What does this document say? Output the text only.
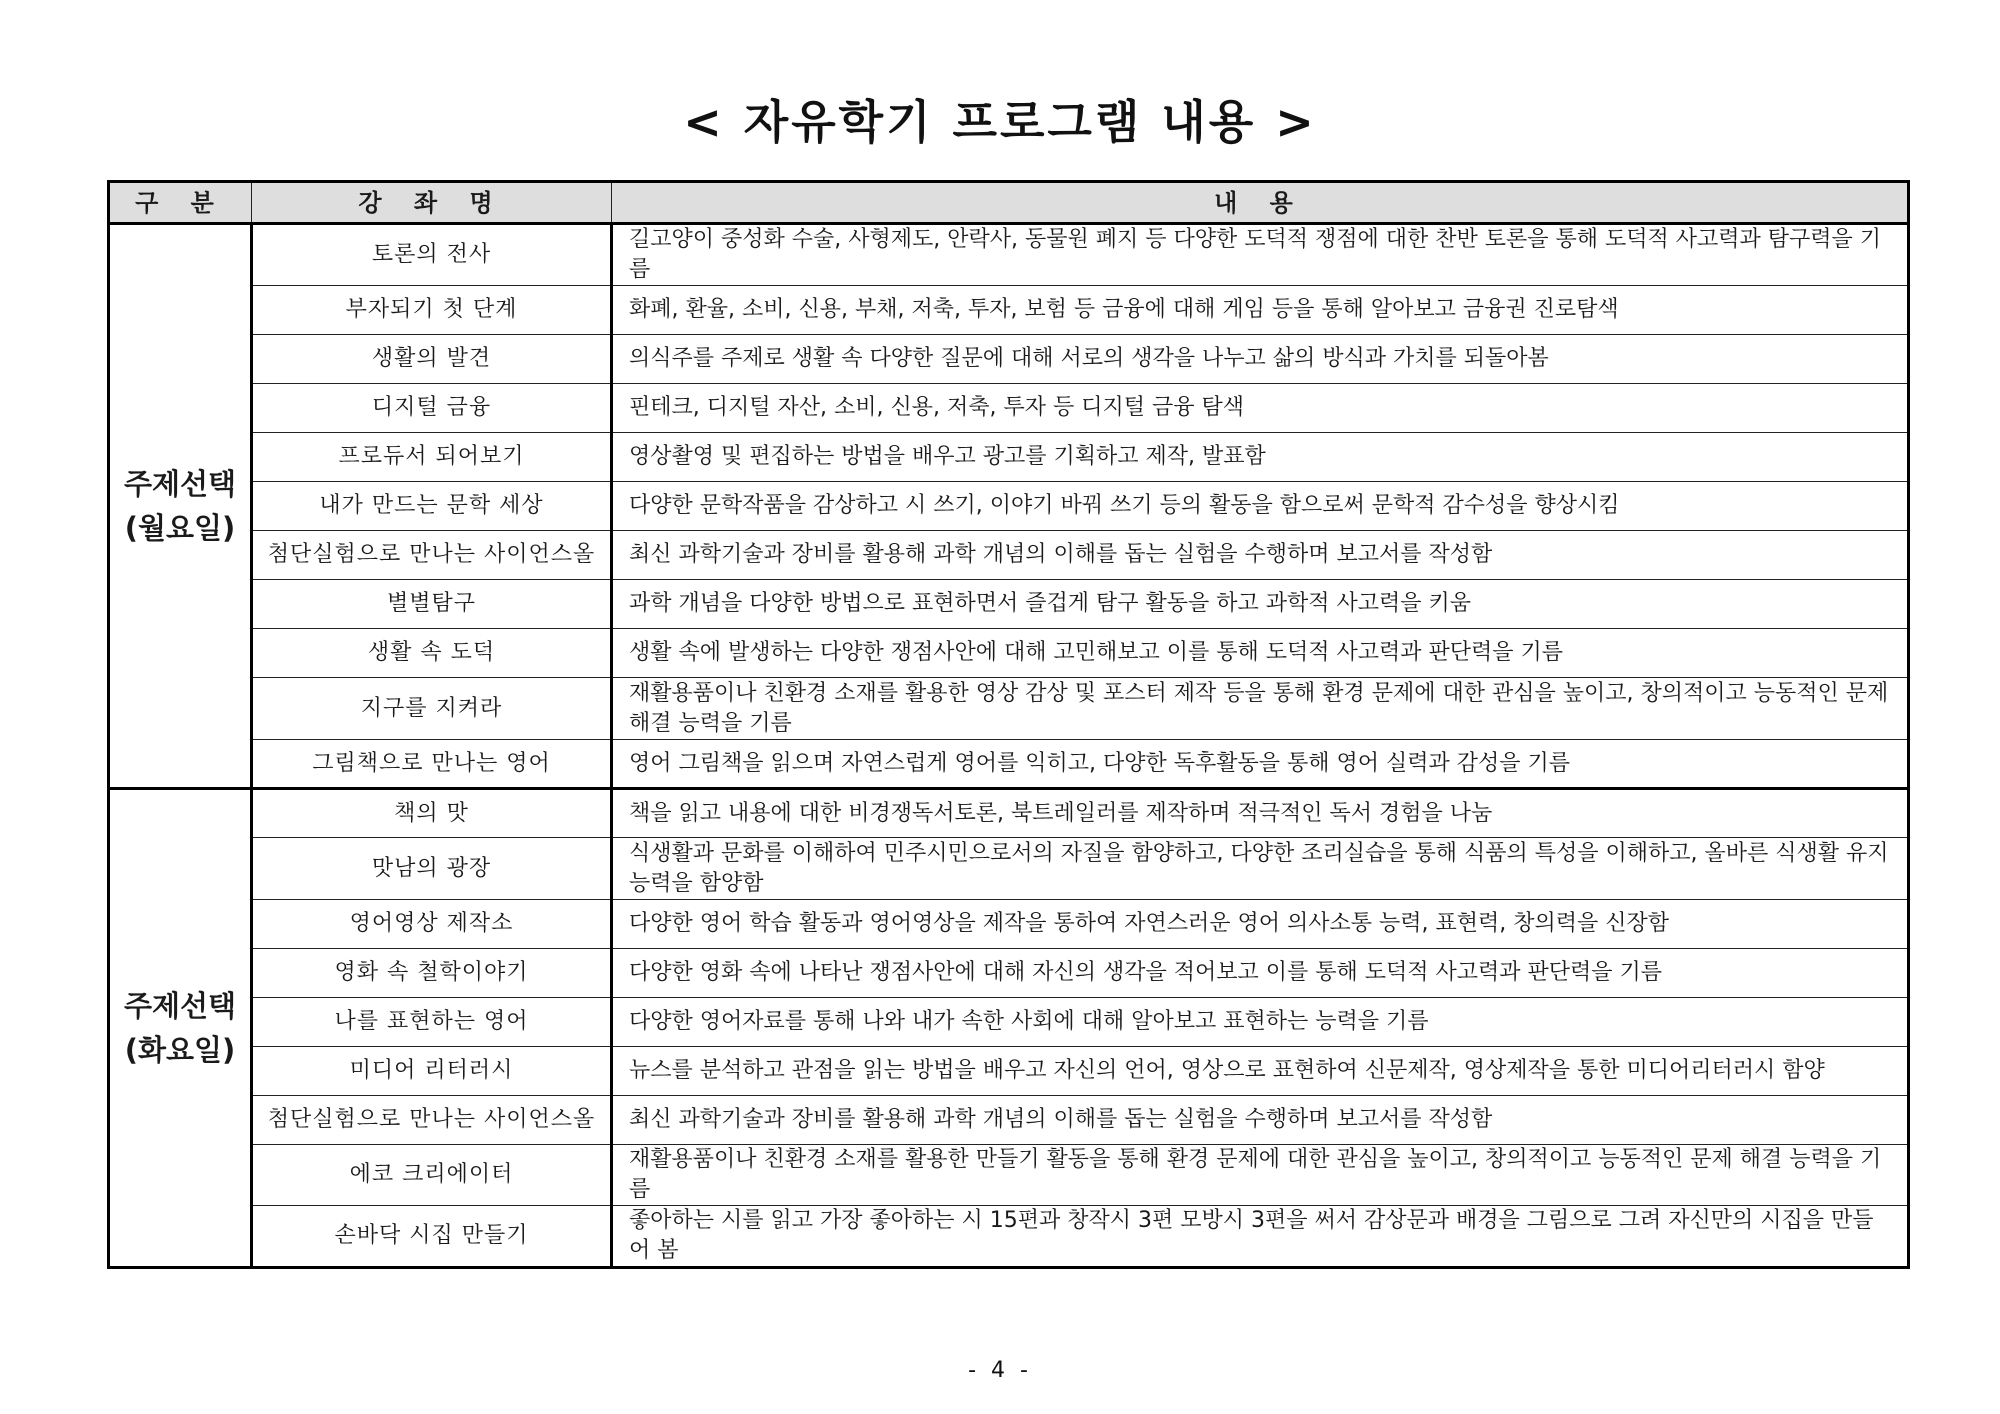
< 자유학기 프로그램 내용 >
구 분	강 좌 명	내 용
주제선택
(월요일)	토론의 전사	길고양이 중성화 수술, 사형제도, 안락사, 동물원 폐지 등 다양한 도덕적 쟁점에 대한 찬반 토론을 통해 도덕적 사고력과 탐구력을 기름
	부자되기 첫 단계	화폐, 환율, 소비, 신용, 부채, 저축, 투자, 보험 등 금융에 대해 게임 등을 통해 알아보고 금융권 진로탐색
	생활의 발견	의식주를 주제로 생활 속 다양한 질문에 대해 서로의 생각을 나누고 삶의 방식과 가치를 되돌아봄
	디지털 금융	핀테크, 디지털 자산, 소비, 신용, 저축, 투자 등 디지털 금융 탐색
	프로듀서 되어보기	영상촬영 및 편집하는 방법을 배우고 광고를 기획하고 제작, 발표함
	내가 만드는 문학 세상	다양한 문학작품을 감상하고 시 쓰기, 이야기 바꿔 쓰기 등의 활동을 함으로써 문학적 감수성을 향상시킴
	첨단실험으로 만나는 사이언스올	최신 과학기술과 장비를 활용해 과학 개념의 이해를 돕는 실험을 수행하며 보고서를 작성함
	별별탐구	과학 개념을 다양한 방법으로 표현하면서 즐겁게 탐구 활동을 하고 과학적 사고력을 키움
	생활 속 도덕	생활 속에 발생하는 다양한 쟁점사안에 대해 고민해보고 이를 통해 도덕적 사고력과 판단력을 기름
	지구를 지켜라	재활용품이나 친환경 소재를 활용한 영상 감상 및 포스터 제작 등을 통해 환경 문제에 대한 관심을 높이고, 창의적이고 능동적인 문제 해결 능력을 기름
	그림책으로 만나는 영어	영어 그림책을 읽으며 자연스럽게 영어를 익히고, 다양한 독후활동을 통해 영어 실력과 감성을 기름
주제선택
(화요일)	책의 맛	책을 읽고 내용에 대한 비경쟁독서토론, 북트레일러를 제작하며 적극적인 독서 경험을 나눔
	맛남의 광장	식생활과 문화를 이해하여 민주시민으로서의 자질을 함양하고, 다양한 조리실습을 통해 식품의 특성을 이해하고, 올바른 식생활 유지능력을 함양함
	영어영상 제작소	다양한 영어 학습 활동과 영어영상을 제작을 통하여 자연스러운 영어 의사소통 능력, 표현력, 창의력을 신장함
	영화 속 철학이야기	다양한 영화 속에 나타난 쟁점사안에 대해 자신의 생각을 적어보고 이를 통해 도덕적 사고력과 판단력을 기름
	나를 표현하는 영어	다양한 영어자료를 통해 나와 내가 속한 사회에 대해 알아보고 표현하는 능력을 기름
	미디어 리터러시	뉴스를 분석하고 관점을 읽는 방법을 배우고 자신의 언어, 영상으로 표현하여 신문제작, 영상제작을 통한 미디어리터러시 함양
	첨단실험으로 만나는 사이언스올	최신 과학기술과 장비를 활용해 과학 개념의 이해를 돕는 실험을 수행하며 보고서를 작성함
	에코 크리에이터	재활용품이나 친환경 소재를 활용한 만들기 활동을 통해 환경 문제에 대한 관심을 높이고, 창의적이고 능동적인 문제 해결 능력을 기름
	손바닥 시집 만들기	좋아하는 시를 읽고 가장 좋아하는 시 15편과 창작시 3편 모방시 3편을 써서 감상문과 배경을 그림으로 그려 자신만의 시집을 만들어 봄
- 4 -
